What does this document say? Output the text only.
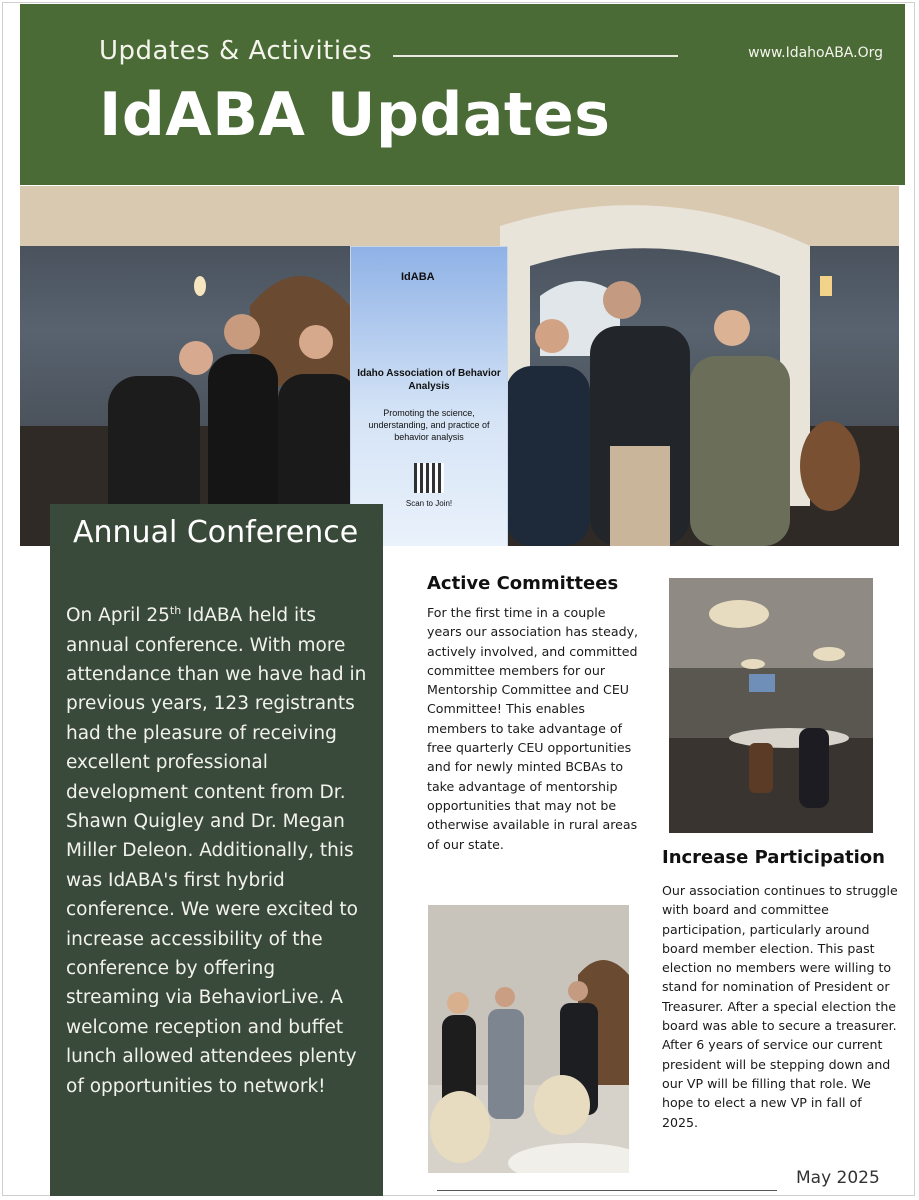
Updates & Activities	www.IdahoABA.Org
IdABA Updates
IdABA
Idaho Association of Behavior Analysis
Promoting the science, understanding, and practice of behavior analysis
Scan to Join!
Annual Conference
On April 25th IdABA held its annual conference. With more attendance than we have had in previous years, 123 registrants had the pleasure of receiving excellent professional development content from Dr. Shawn Quigley and Dr. Megan Miller Deleon. Additionally, this was IdABA's first hybrid conference. We were excited to increase accessibility of the conference by offering streaming via BehaviorLive. A welcome reception and buffet lunch allowed attendees plenty of opportunities to network!
Active Committees
For the first time in a couple years our association has steady, actively involved, and committed committee members for our Mentorship Committee and CEU Committee! This enables members to take advantage of free quarterly CEU opportunities and for newly minted BCBAs to take advantage of mentorship opportunities that may not be otherwise available in rural areas of our state.
Increase Participation
Our association continues to struggle with board and committee participation, particularly around board member election. This past election no members were willing to stand for nomination of President or Treasurer. After a special election the board was able to secure a treasurer. After 6 years of service our current president will be stepping down and our VP will be filling that role. We hope to elect a new VP in fall of 2025.
May 2025
